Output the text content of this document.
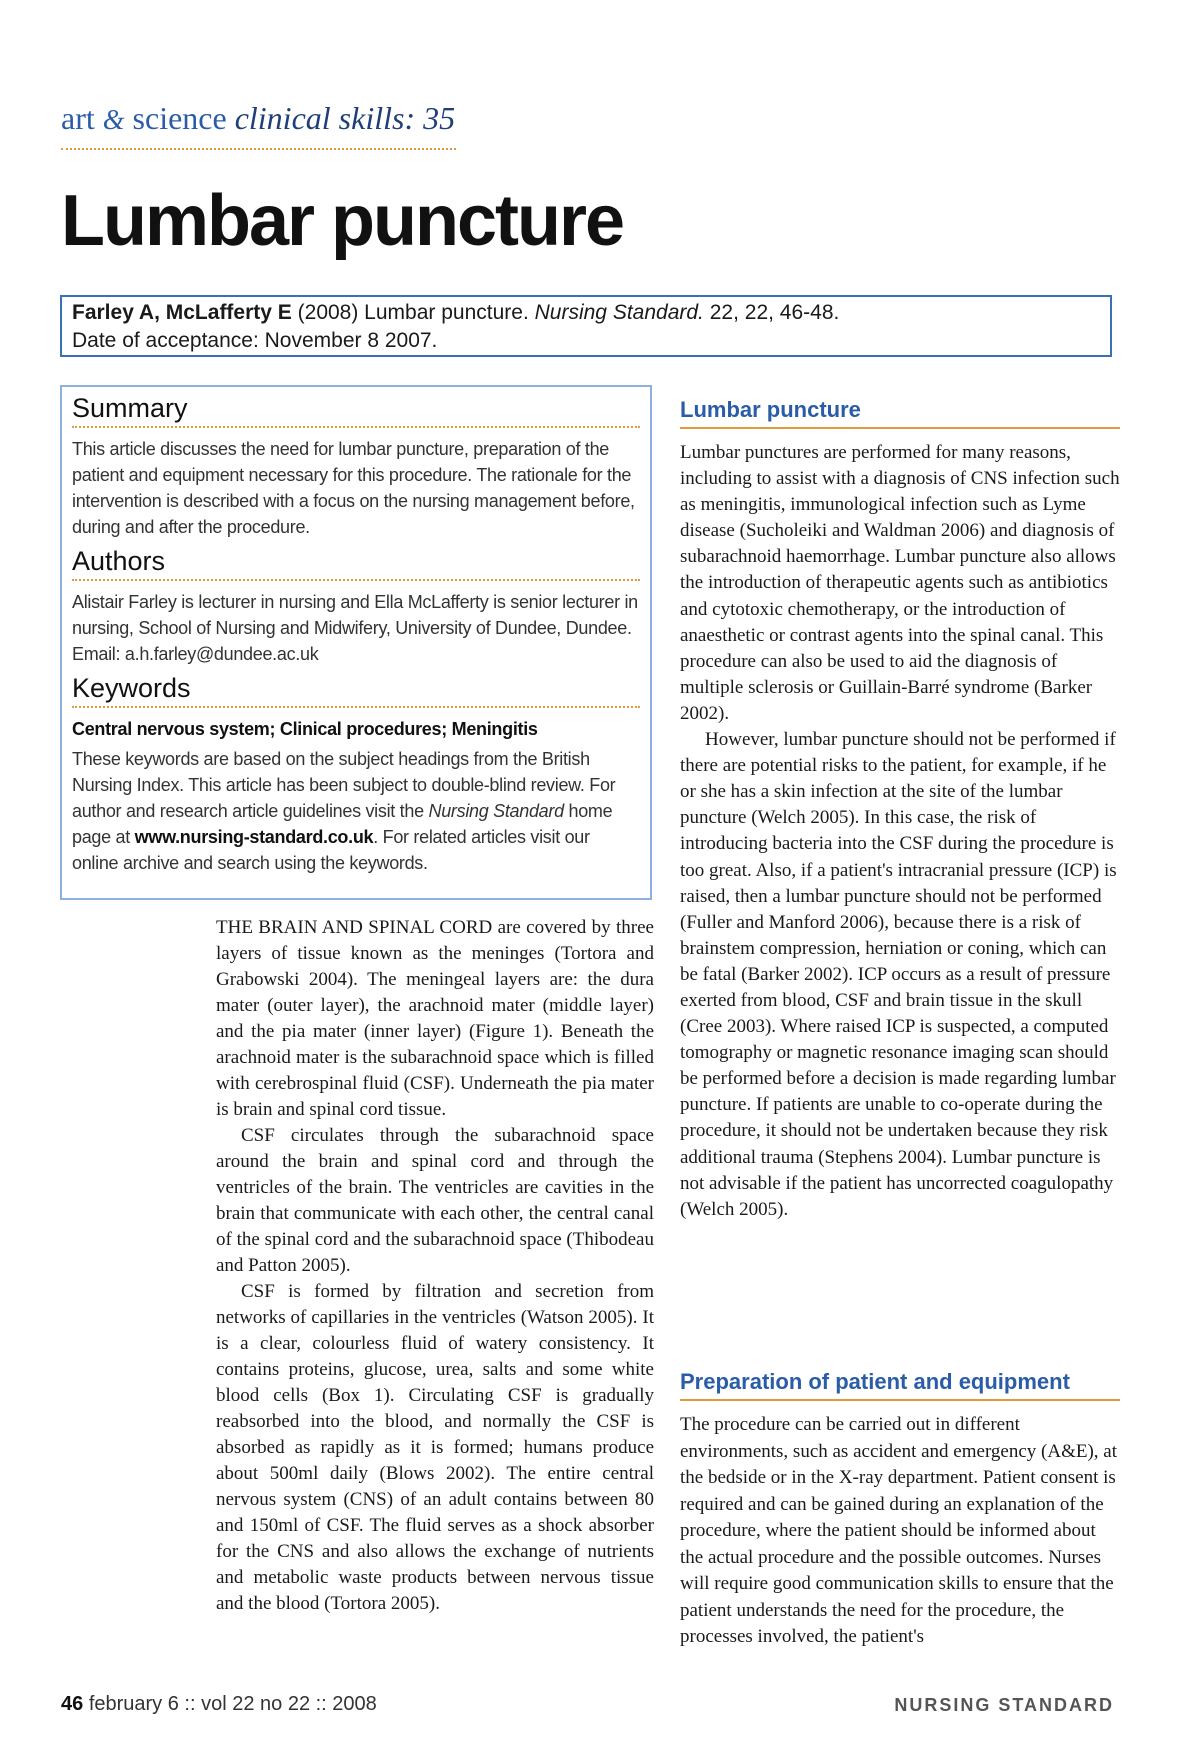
art & science clinical skills: 35
Lumbar puncture
Farley A, McLafferty E (2008) Lumbar puncture. Nursing Standard. 22, 22, 46-48.
Date of acceptance: November 8 2007.
Summary

This article discusses the need for lumbar puncture, preparation of the patient and equipment necessary for this procedure. The rationale for the intervention is described with a focus on the nursing management before, during and after the procedure.

Authors

Alistair Farley is lecturer in nursing and Ella McLafferty is senior lecturer in nursing, School of Nursing and Midwifery, University of Dundee, Dundee. Email: a.h.farley@dundee.ac.uk

Keywords

Central nervous system; Clinical procedures; Meningitis

These keywords are based on the subject headings from the British Nursing Index. This article has been subject to double-blind review. For author and research article guidelines visit the Nursing Standard home page at www.nursing-standard.co.uk. For related articles visit our online archive and search using the keywords.

THE BRAIN AND SPINAL CORD are covered by three layers of tissue known as the meninges (Tortora and Grabowski 2004). The meningeal layers are: the dura mater (outer layer), the arachnoid mater (middle layer) and the pia mater (inner layer) (Figure 1). Beneath the arachnoid mater is the subarachnoid space which is filled with cerebrospinal fluid (CSF). Underneath the pia mater is brain and spinal cord tissue.

CSF circulates through the subarachnoid space around the brain and spinal cord and through the ventricles of the brain. The ventricles are cavities in the brain that communicate with each other, the central canal of the spinal cord and the subarachnoid space (Thibodeau and Patton 2005).

CSF is formed by filtration and secretion from networks of capillaries in the ventricles (Watson 2005). It is a clear, colourless fluid of watery consistency. It contains proteins, glucose, urea, salts and some white blood cells (Box 1). Circulating CSF is gradually reabsorbed into the blood, and normally the CSF is absorbed as rapidly as it is formed; humans produce about 500ml daily (Blows 2002). The entire central nervous system (CNS) of an adult contains between 80 and 150ml of CSF. The fluid serves as a shock absorber for the CNS and also allows the exchange of nutrients and metabolic waste products between nervous tissue and the blood (Tortora 2005).

Lumbar puncture

Lumbar punctures are performed for many reasons, including to assist with a diagnosis of CNS infection such as meningitis, immunological infection such as Lyme disease (Sucholeiki and Waldman 2006) and diagnosis of subarachnoid haemorrhage. Lumbar puncture also allows the introduction of therapeutic agents such as antibiotics and cytotoxic chemotherapy, or the introduction of anaesthetic or contrast agents into the spinal canal. This procedure can also be used to aid the diagnosis of multiple sclerosis or Guillain-Barré syndrome (Barker 2002).

However, lumbar puncture should not be performed if there are potential risks to the patient, for example, if he or she has a skin infection at the site of the lumbar puncture (Welch 2005). In this case, the risk of introducing bacteria into the CSF during the procedure is too great. Also, if a patient's intracranial pressure (ICP) is raised, then a lumbar puncture should not be performed (Fuller and Manford 2006), because there is a risk of brainstem compression, herniation or coning, which can be fatal (Barker 2002). ICP occurs as a result of pressure exerted from blood, CSF and brain tissue in the skull (Cree 2003). Where raised ICP is suspected, a computed tomography or magnetic resonance imaging scan should be performed before a decision is made regarding lumbar puncture. If patients are unable to co-operate during the procedure, it should not be undertaken because they risk additional trauma (Stephens 2004). Lumbar puncture is not advisable if the patient has uncorrected coagulopathy (Welch 2005).

Preparation of patient and equipment

The procedure can be carried out in different environments, such as accident and emergency (A&E), at the bedside or in the X-ray department. Patient consent is required and can be gained during an explanation of the procedure, where the patient should be informed about the actual procedure and the possible outcomes. Nurses will require good communication skills to ensure that the patient understands the need for the procedure, the processes involved, the patient's

46 february 6 :: vol 22 no 22 :: 2008	NURSING STANDARD
